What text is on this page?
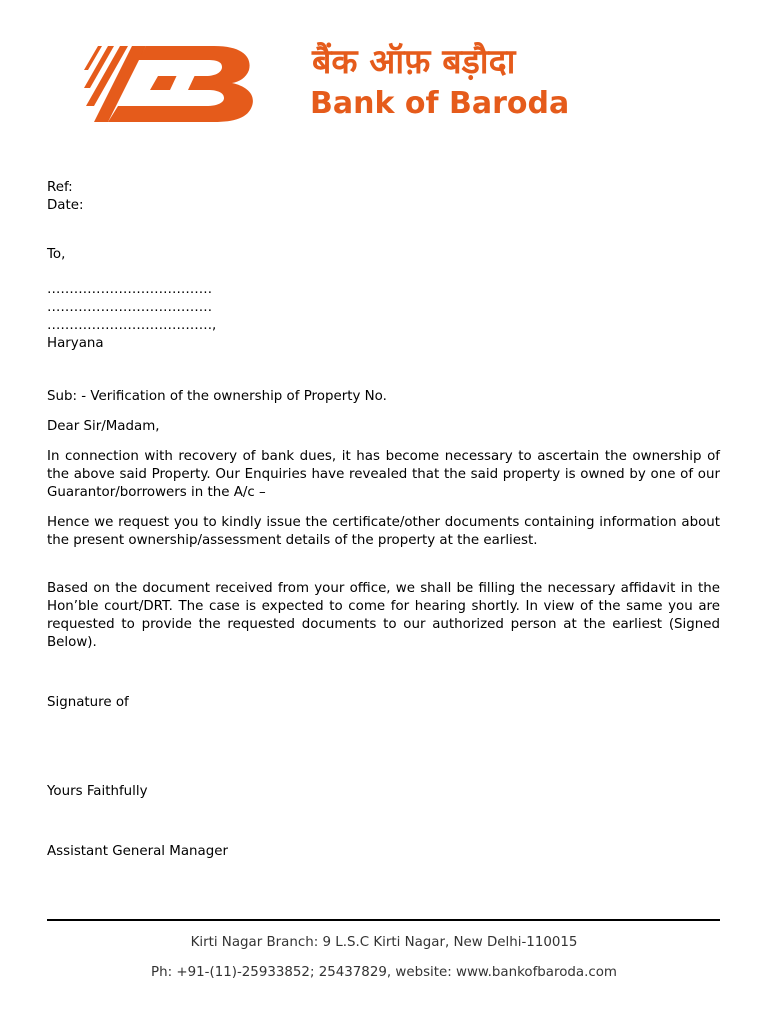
बैंक ऑफ़ बड़ौदा
Bank of Baroda
Ref:
Date:
To,
……………………………….
……………………………….
……………………………….,
Haryana
Sub: - Verification of the ownership of Property No.
Dear Sir/Madam,
In connection with recovery of bank dues, it has become necessary to ascertain the ownership of the above said Property. Our Enquiries have revealed that the said property is owned by one of our Guarantor/borrowers in the A/c –
Hence we request you to kindly issue the certificate/other documents containing information about the present ownership/assessment details of the property at the earliest.
Based on the document received from your office, we shall be filling the necessary affidavit in the Hon’ble court/DRT. The case is expected to come for hearing shortly. In view of the same you are requested to provide the requested documents to our authorized person at the earliest (Signed Below).
Signature of
Yours Faithfully
Assistant General Manager
Kirti Nagar Branch: 9 L.S.C Kirti Nagar, New Delhi-110015
Ph: +91-(11)-25933852; 25437829, website: www.bankofbaroda.com
